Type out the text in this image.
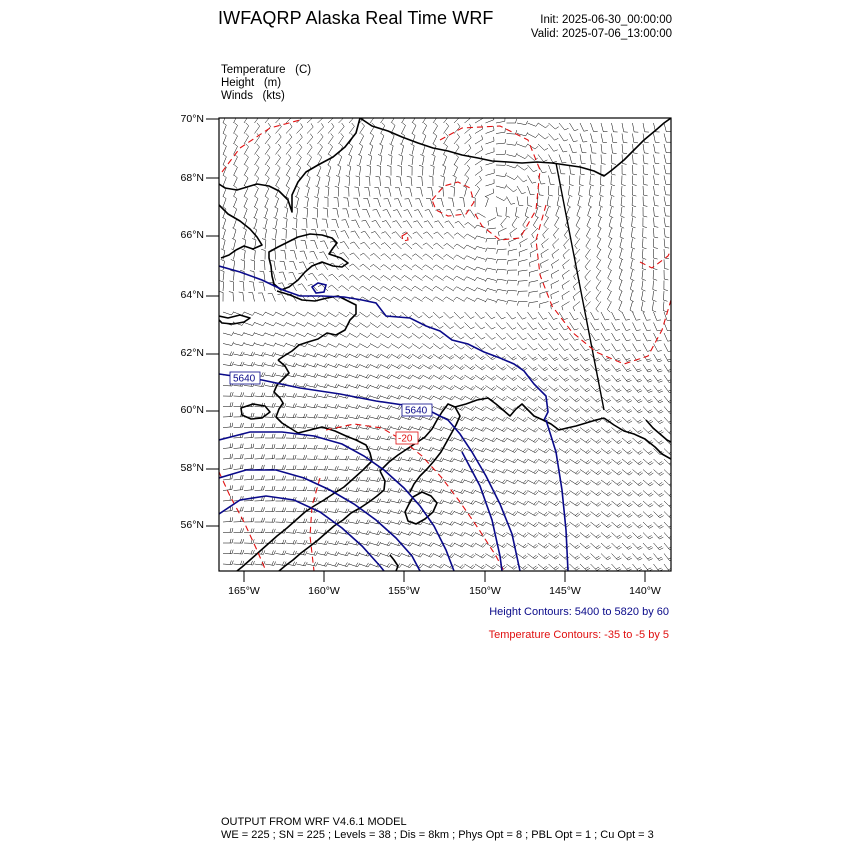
IWFAQRP Alaska Real Time WRF	Init: 2025-06-30_00:00:00
Valid: 2025-07-06_13:00:00
Temperature   (C)
Height   (m)
Winds   (kts)
70°N
68°N
66°N
64°N
62°N
60°N
58°N
56°N
165°W	160°W	155°W	150°W	145°W	140°W
5640
5640
-20
Height Contours: 5400 to 5820 by 60
Temperature Contours: -35 to -5 by 5
OUTPUT FROM WRF V4.6.1 MODEL
WE = 225 ; SN = 225 ; Levels = 38 ; Dis = 8km ; Phys Opt = 8 ; PBL Opt = 1 ; Cu Opt = 3
